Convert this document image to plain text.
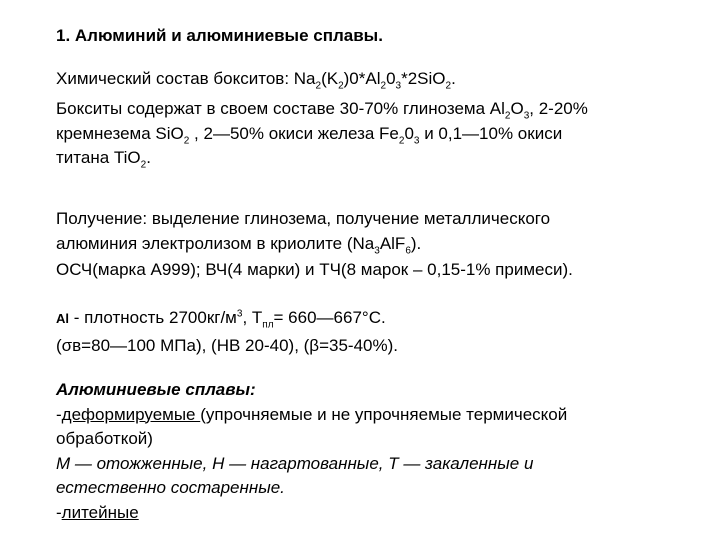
1. Алюминий и алюминиевые сплавы.
Химический состав бокситов: $Na_2(K_2)0*Al_20_3*2SiO_2$.
Бокситы содержат в своем составе 30-70% глинозема $Al_2O_3$, 2-20%
кремнезема SiO$_2$ , 2—50% окиси железа $Fe_20_3$ и 0,1—10% окиси
титана TiO$_2$.
Получение: выделение глинозема, получение металлического
алюминия электролизом в криолите $(Na_3AlF_6)$.
ОСЧ(марка А999); ВЧ(4 марки) и ТЧ(8 марок – 0,15-1% примеси).
Al - плотность $2700кг/м^3$, $Т_{пл}=$ 660—667°С.
(σв=80—100 МПа), (НВ 20-40), (β=35-40%).
Алюминиевые сплавы:
-деформируемые (упрочняемые и не упрочняемые термической
обработкой)
М — отожженные, Н — нагартованные, Т — закаленные и
естественно состаренные.
-литейные
